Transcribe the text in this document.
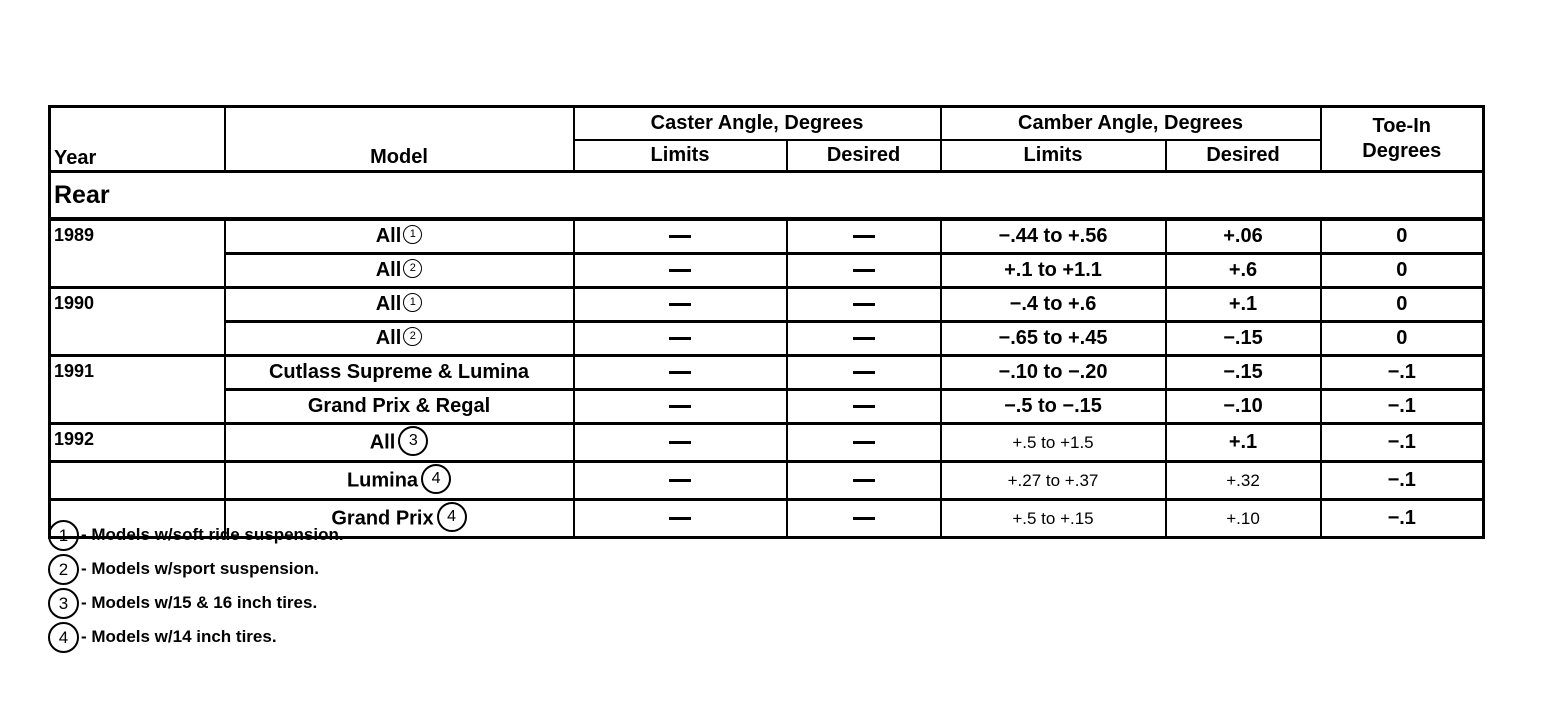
Year	Model	Caster Angle, Degrees		Camber Angle, Degrees		Toe-In
Degrees
		Limits	Desired	Limits	Desired	
Rear						
1989	All 1			−.44 to +.56	+.06	0
	All 2			+.1 to +1.1	+.6	0
1990	All 1			−.4 to +.6	+.1	0
	All 2			−.65 to +.45	−.15	0
1991	Cutlass Supreme & Lumina			−.10 to −.20	−.15	−.1
	Grand Prix & Regal			−.5 to −.15	−.10	−.1
1992	All 3			+.5 to +1.5	+.1	−.1
	Lumina 4			+.27 to +.37	+.32	−.1
	Grand Prix 4			+.5 to +.15	+.10	−.1
1 - Models w/soft ride suspension.
2 - Models w/sport suspension.
3 - Models w/15 & 16 inch tires.
4 - Models w/14 inch tires.
